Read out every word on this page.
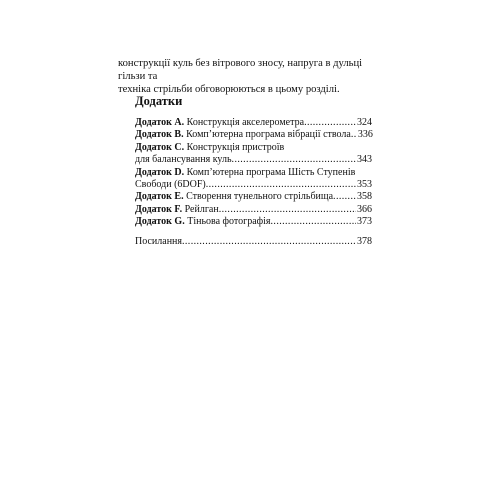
конструкції куль без вітрового зносу, напруга в дульці гільзи та

техніка стрільби обговорюються в цьому розділі.

Додатки
Додаток А. Конструкція акселерометра .....	324
Додаток B. Комп’ютерна програма вібрації ствола ..... 336
Додаток C. Конструкція пристроїв
для балансування куль .....	343
Додаток D. Комп’ютерна програма Шість Ступенів
Свободи (6DOF) .....	353
Додаток E. Створення тунельного стрільбища ..... 358
Додаток F. Рейлган .....	366
Додаток G. Тіньова фотографія .....	373
Посилання .....	378
